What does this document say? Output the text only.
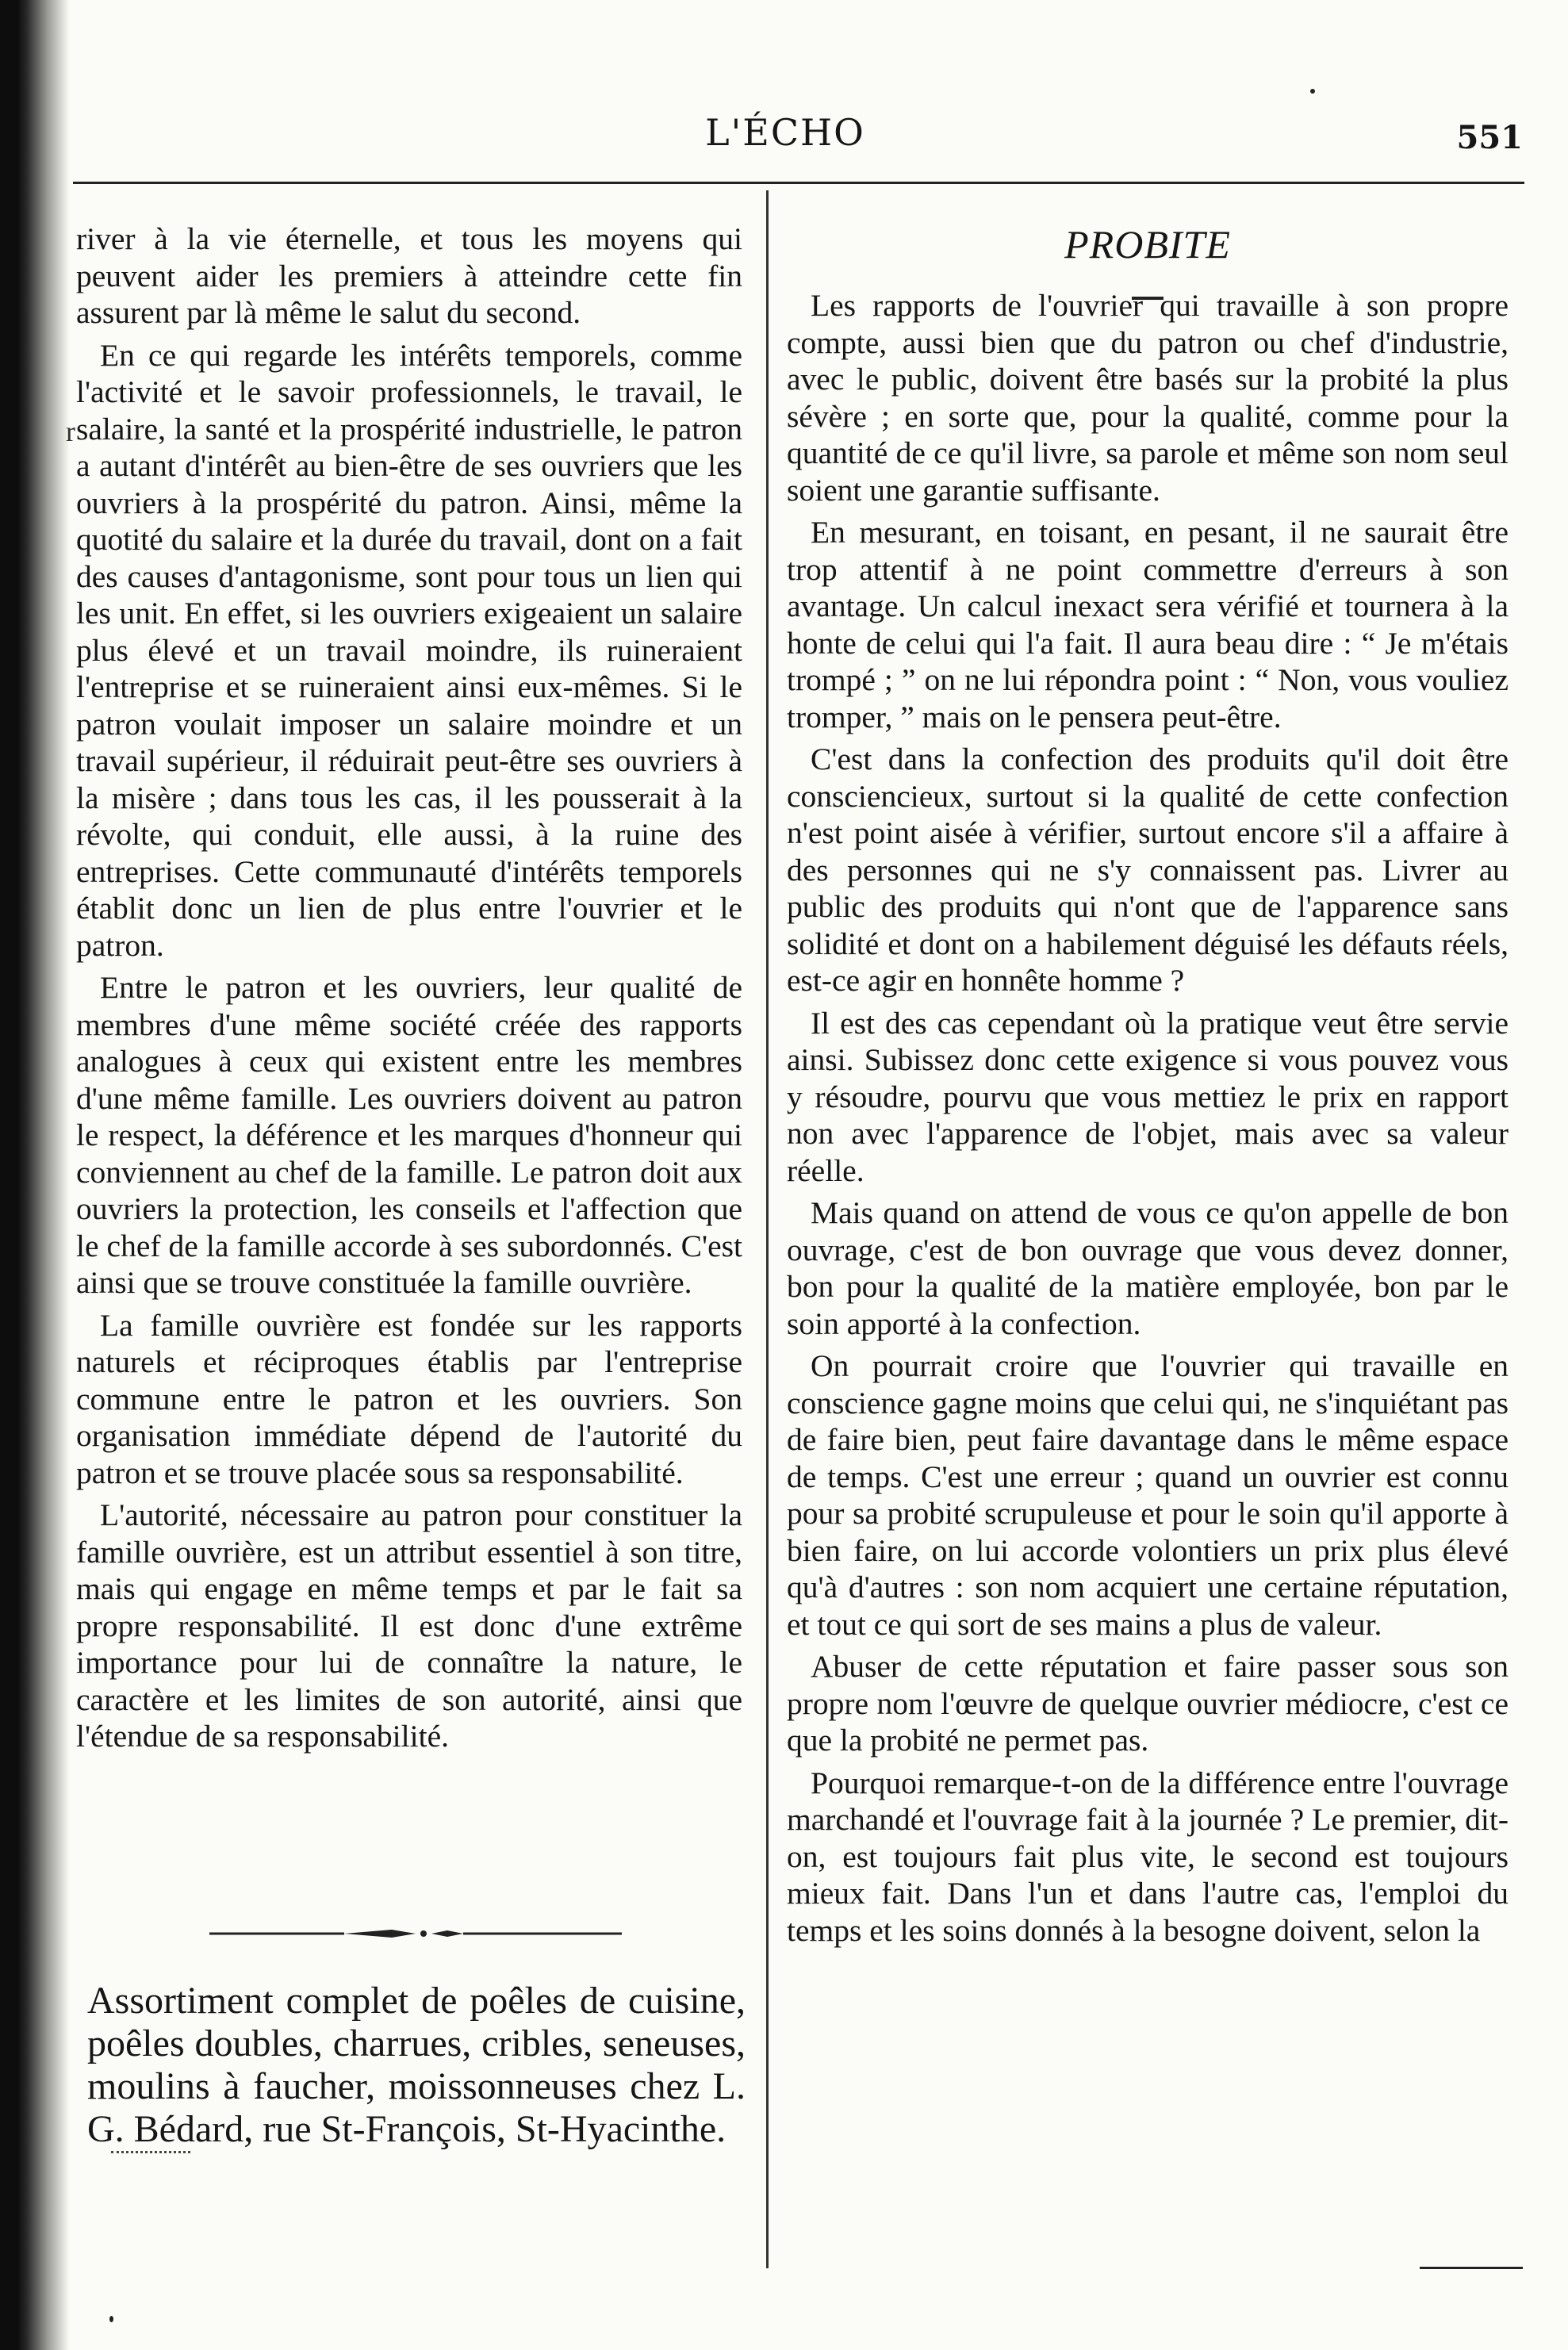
r
L'ÉCHO	551

river à la vie éternelle, et tous les moyens qui peuvent aider les premiers à atteindre cette fin assurent par là même le salut du second.

En ce qui regarde les intérêts temporels, comme l'activité et le savoir professionnels, le travail, le salaire, la santé et la prospérité industrielle, le patron a autant d'intérêt au bien-être de ses ouvriers que les ouvriers à la prospérité du patron. Ainsi, même la quotité du salaire et la durée du travail, dont on a fait des causes d'antagonisme, sont pour tous un lien qui les unit. En effet, si les ouvriers exigeaient un salaire plus élevé et un travail moindre, ils ruineraient l'entreprise et se ruineraient ainsi eux-mêmes. Si le patron voulait imposer un salaire moindre et un travail supérieur, il réduirait peut-être ses ouvriers à la misère ; dans tous les cas, il les pousserait à la révolte, qui conduit, elle aussi, à la ruine des entreprises. Cette communauté d'intérêts temporels établit donc un lien de plus entre l'ouvrier et le patron.

Entre le patron et les ouvriers, leur qualité de membres d'une même société créée des rapports analogues à ceux qui existent entre les membres d'une même famille. Les ouvriers doivent au patron le respect, la déférence et les marques d'honneur qui conviennent au chef de la famille. Le patron doit aux ouvriers la protection, les conseils et l'affection que le chef de la famille accorde à ses subordonnés. C'est ainsi que se trouve constituée la famille ouvrière.

La famille ouvrière est fondée sur les rapports naturels et réciproques établis par l'entreprise commune entre le patron et les ouvriers. Son organisation immédiate dépend de l'autorité du patron et se trouve placée sous sa responsabilité.

L'autorité, nécessaire au patron pour constituer la famille ouvrière, est un attribut essentiel à son titre, mais qui engage en même temps et par le fait sa propre responsabilité. Il est donc d'une extrême importance pour lui de connaître la nature, le caractère et les limites de son autorité, ainsi que l'étendue de sa responsabilité.

Assortiment complet de poêles de cuisine, poêles doubles, charrues, cribles, seneuses, moulins à faucher, moissonneuses chez L. G. Bédard, rue St-François, St-Hyacinthe.
PROBITE

Les rapports de l'ouvrier qui travaille à son propre compte, aussi bien que du patron ou chef d'industrie, avec le public, doivent être basés sur la probité la plus sévère ; en sorte que, pour la qualité, comme pour la quantité de ce qu'il livre, sa parole et même son nom seul soient une garantie suffisante.

En mesurant, en toisant, en pesant, il ne saurait être trop attentif à ne point commettre d'erreurs à son avantage. Un calcul inexact sera vérifié et tournera à la honte de celui qui l'a fait. Il aura beau dire : “ Je m'étais trompé ; ” on ne lui répondra point : “ Non, vous vouliez tromper, ” mais on le pensera peut-être.

C'est dans la confection des produits qu'il doit être consciencieux, surtout si la qualité de cette confection n'est point aisée à vérifier, surtout encore s'il a affaire à des personnes qui ne s'y connaissent pas. Livrer au public des produits qui n'ont que de l'apparence sans solidité et dont on a habilement déguisé les défauts réels, est-ce agir en honnête homme ?

Il est des cas cependant où la pratique veut être servie ainsi. Subissez donc cette exigence si vous pouvez vous y résoudre, pourvu que vous mettiez le prix en rapport non avec l'apparence de l'objet, mais avec sa valeur réelle.

Mais quand on attend de vous ce qu'on appelle de bon ouvrage, c'est de bon ouvrage que vous devez donner, bon pour la qualité de la matière employée, bon par le soin apporté à la confection.

On pourrait croire que l'ouvrier qui travaille en conscience gagne moins que celui qui, ne s'inquiétant pas de faire bien, peut faire davantage dans le même espace de temps. C'est une erreur ; quand un ouvrier est connu pour sa probité scrupuleuse et pour le soin qu'il apporte à bien faire, on lui accorde volontiers un prix plus élevé qu'à d'autres : son nom acquiert une certaine réputation, et tout ce qui sort de ses mains a plus de valeur.

Abuser de cette réputation et faire passer sous son propre nom l'œuvre de quelque ouvrier médiocre, c'est ce que la probité ne permet pas.

Pourquoi remarque-t-on de la différence entre l'ouvrage marchandé et l'ouvrage fait à la journée ? Le premier, dit-on, est toujours fait plus vite, le second est toujours mieux fait. Dans l'un et dans l'autre cas, l'emploi du temps et les soins donnés à la besogne doivent, selon la
